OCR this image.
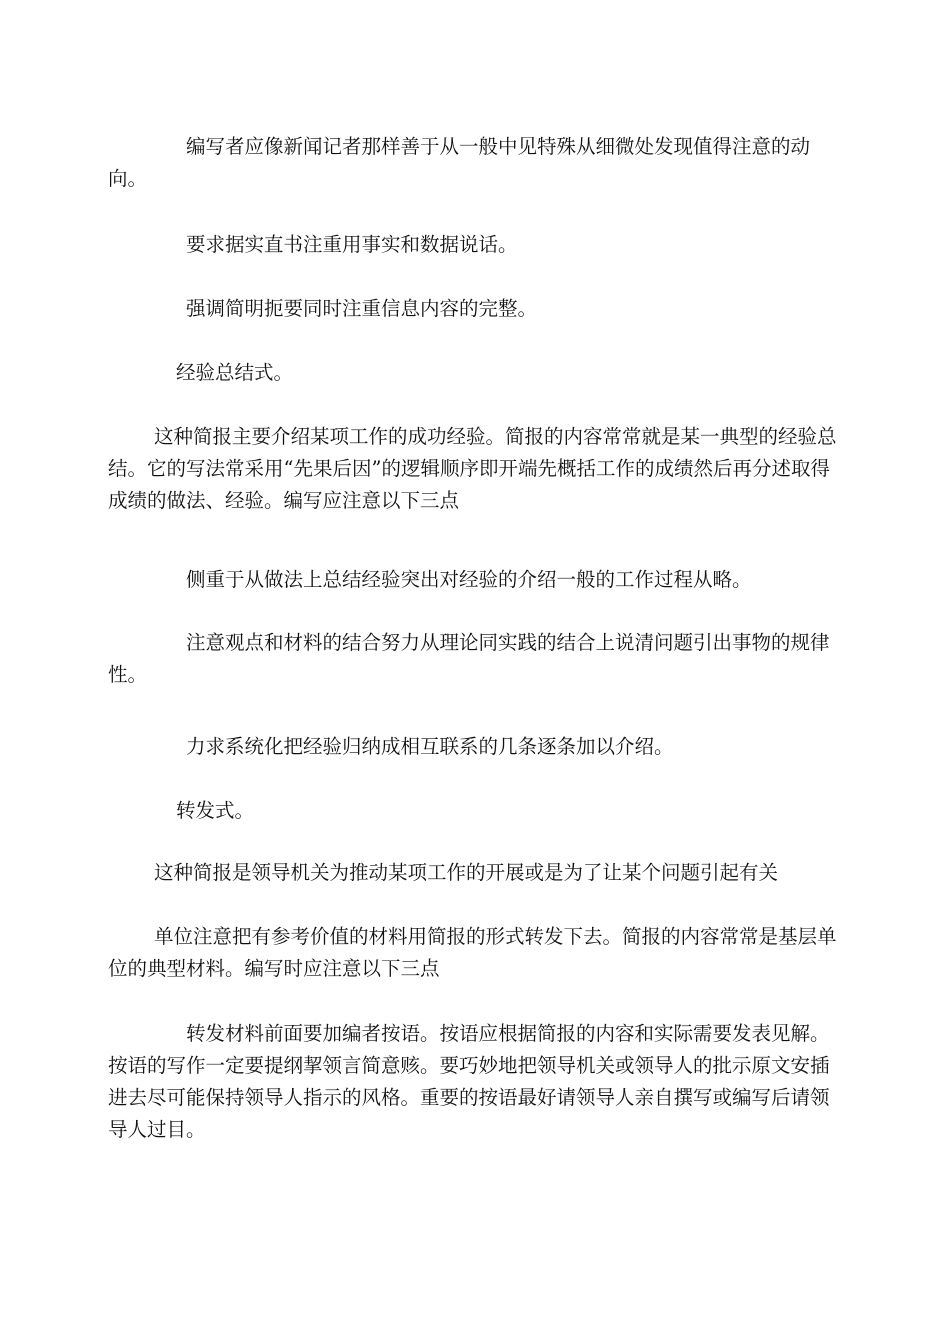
编写者应像新闻记者那样善于从一般中见特殊从细微处发现值得注意的动向。

要求据实直书注重用事实和数据说话。

强调简明扼要同时注重信息内容的完整。

经验总结式。

这种简报主要介绍某项工作的成功经验。简报的内容常常就是某一典型的经验总结。它的写法常采用“先果后因”的逻辑顺序即开端先概括工作的成绩然后再分述取得成绩的做法、经验。编写应注意以下三点

侧重于从做法上总结经验突出对经验的介绍一般的工作过程从略。

注意观点和材料的结合努力从理论同实践的结合上说清问题引出事物的规律性。

力求系统化把经验归纳成相互联系的几条逐条加以介绍。

转发式。

这种简报是领导机关为推动某项工作的开展或是为了让某个问题引起有关

单位注意把有参考价值的材料用简报的形式转发下去。简报的内容常常是基层单位的典型材料。编写时应注意以下三点

转发材料前面要加编者按语。按语应根据简报的内容和实际需要发表见解。按语的写作一定要提纲挈领言简意赅。要巧妙地把领导机关或领导人的批示原文安插进去尽可能保持领导人指示的风格。重要的按语最好请领导人亲自撰写或编写后请领导人过目。
